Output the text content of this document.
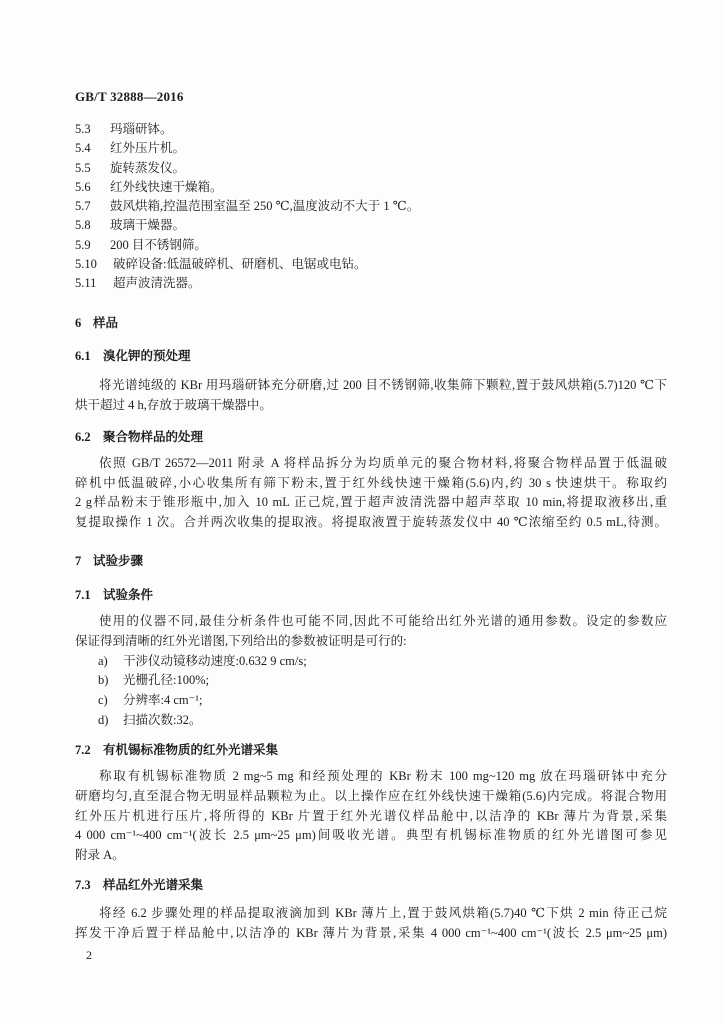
GB/T 32888—2016
5.3 玛瑙研钵。
5.4 红外压片机。
5.5 旋转蒸发仪。
5.6 红外线快速干燥箱。
5.7 鼓风烘箱,控温范围室温至 250 ℃,温度波动不大于 1 ℃。
5.8 玻璃干燥器。
5.9 200 目不锈钢筛。
5.10 破碎设备:低温破碎机、研磨机、电锯或电钻。
5.11 超声波清洗器。
6 样品
6.1 溴化钾的预处理
将光谱纯级的 KBr 用玛瑙研钵充分研磨,过 200 目不锈钢筛,收集筛下颗粒,置于鼓风烘箱(5.7)120 ℃下
烘干超过 4 h,存放于玻璃干燥器中。
6.2 聚合物样品的处理
依照 GB/T 26572—2011 附录 A 将样品拆分为均质单元的聚合物材料,将聚合物样品置于低温破
碎机中低温破碎,小心收集所有筛下粉末,置于红外线快速干燥箱(5.6)内,约 30 s 快速烘干。称取约
2 g样品粉末于锥形瓶中,加入 10 mL 正己烷,置于超声波清洗器中超声萃取 10 min,将提取液移出,重
复提取操作 1 次。合并两次收集的提取液。将提取液置于旋转蒸发仪中 40 ℃浓缩至约 0.5 mL,待测。
7 试验步骤
7.1 试验条件
使用的仪器不同,最佳分析条件也可能不同,因此不可能给出红外光谱的通用参数。设定的参数应
保证得到清晰的红外光谱图,下列给出的参数被证明是可行的:
a) 干涉仪动镜移动速度:0.632 9 cm/s;
b) 光栅孔径:100%;
c) 分辨率:4 cm⁻¹;
d) 扫描次数:32。
7.2 有机锡标准物质的红外光谱采集
称取有机锡标准物质 2 mg~5 mg 和经预处理的 KBr 粉末 100 mg~120 mg 放在玛瑙研钵中充分
研磨均匀,直至混合物无明显样品颗粒为止。以上操作应在红外线快速干燥箱(5.6)内完成。将混合物用
红外压片机进行压片,将所得的 KBr 片置于红外光谱仪样品舱中,以洁净的 KBr 薄片为背景,采集
4 000 cm⁻¹~400 cm⁻¹(波长 2.5 μm~25 μm)间吸收光谱。典型有机锡标准物质的红外光谱图可参见
附录 A。
7.3 样品红外光谱采集
将经 6.2 步骤处理的样品提取液滴加到 KBr 薄片上,置于鼓风烘箱(5.7)40 ℃下烘 2 min 待正己烷
挥发干净后置于样品舱中,以洁净的 KBr 薄片为背景,采集 4 000 cm⁻¹~400 cm⁻¹(波长 2.5 μm~25 μm)
2
